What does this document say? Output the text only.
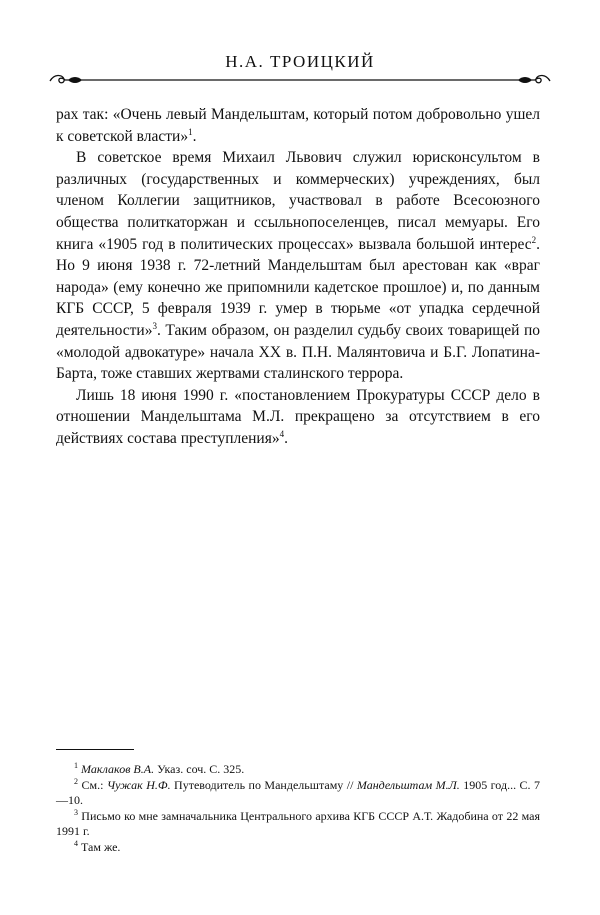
Н.А. ТРОИЦКИЙ

рах так: «Очень левый Мандельштам, который потом добровольно ушел к советской власти»$^1$.

В советское время Михаил Львович служил юрисконсультом в различных (государственных и коммерческих) учреждениях, был членом Коллегии защитников, участвовал в работе Всесоюзного общества политкаторжан и ссыльнопоселенцев, писал мемуары. Его книга «1905 год в политических процессах» вызвала большой интерес$^2$. Но 9 июня 1938 г. 72-летний Мандельштам был арестован как «враг народа» (ему конечно же припомнили кадетское прошлое) и, по данным КГБ СССР, 5 февраля 1939 г. умер в тюрьме «от упадка сердечной деятельности»$^3$. Таким образом, он разделил судьбу своих товарищей по «молодой адвокатуре» начала XX в. П.Н. Малянтовича и Б.Г. Лопатина-Барта, тоже ставших жертвами сталинского террора.

Лишь 18 июня 1990 г. «постановлением Прокуратуры СССР дело в отношении Мандельштама М.Л. прекращено за отсутствием в его действиях состава преступления»$^4$.

$^1$ Маклаков В.А. Указ. соч. С. 325.

$^2$ См.: Чужак Н.Ф. Путеводитель по Мандельштаму // Мандельштам М.Л. 1905 год... С. 7—10.

$^3$ Письмо ко мне замначальника Центрального архива КГБ СССР А.Т. Жадобина от 22 мая 1991 г.

$^4$ Там же.
